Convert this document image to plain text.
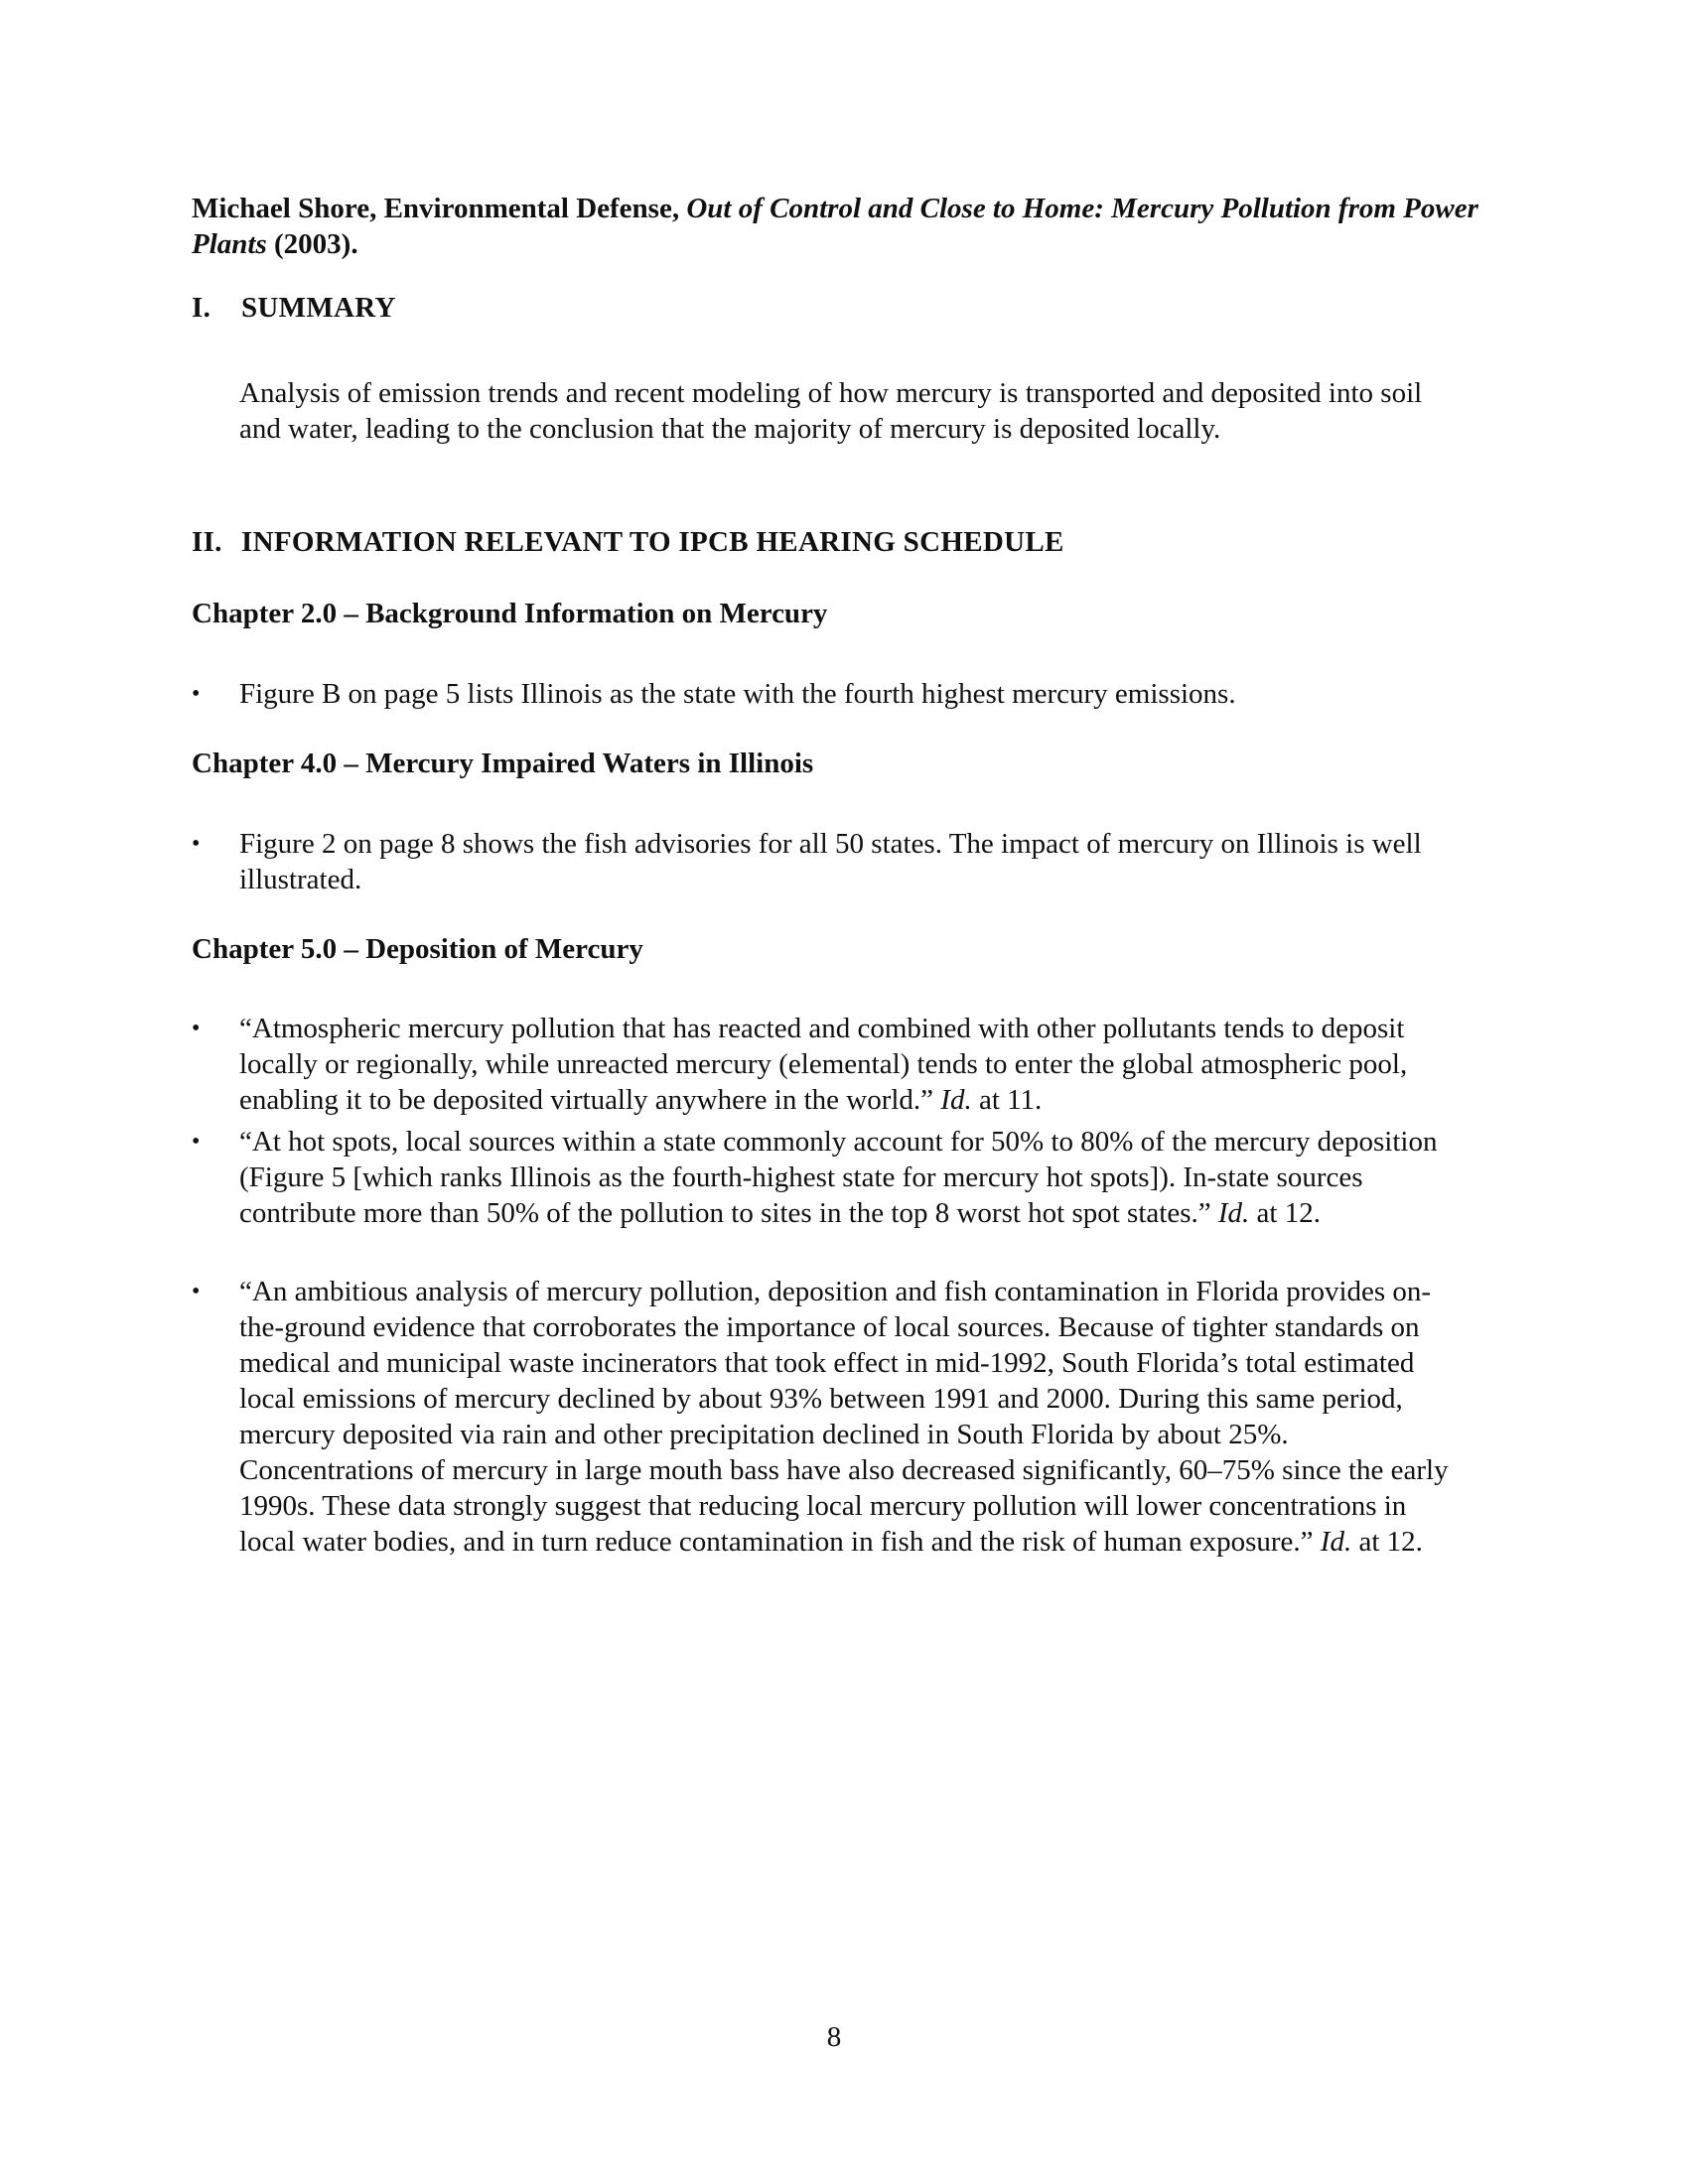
Michael Shore, Environmental Defense, Out of Control and Close to Home: Mercury Pollution from Power Plants (2003).
I. SUMMARY
Analysis of emission trends and recent modeling of how mercury is transported and deposited into soil and water, leading to the conclusion that the majority of mercury is deposited locally.
II. INFORMATION RELEVANT TO IPCB HEARING SCHEDULE
Chapter 2.0 – Background Information on Mercury
•	Figure B on page 5 lists Illinois as the state with the fourth highest mercury emissions.
Chapter 4.0 – Mercury Impaired Waters in Illinois
•	Figure 2 on page 8 shows the fish advisories for all 50 states. The impact of mercury on Illinois is well illustrated.
Chapter 5.0 – Deposition of Mercury
•	“Atmospheric mercury pollution that has reacted and combined with other pollutants tends to deposit locally or regionally, while unreacted mercury (elemental) tends to enter the global atmospheric pool, enabling it to be deposited virtually anywhere in the world.” Id. at 11.
•	“At hot spots, local sources within a state commonly account for 50% to 80% of the mercury deposition (Figure 5 [which ranks Illinois as the fourth-highest state for mercury hot spots]). In-state sources contribute more than 50% of the pollution to sites in the top 8 worst hot spot states.” Id. at 12.
•	“An ambitious analysis of mercury pollution, deposition and fish contamination in Florida provides on-the-ground evidence that corroborates the importance of local sources. Because of tighter standards on medical and municipal waste incinerators that took effect in mid-1992, South Florida’s total estimated local emissions of mercury declined by about 93% between 1991 and 2000. During this same period, mercury deposited via rain and other precipitation declined in South Florida by about 25%. Concentrations of mercury in large mouth bass have also decreased significantly, 60–75% since the early 1990s. These data strongly suggest that reducing local mercury pollution will lower concentrations in local water bodies, and in turn reduce contamination in fish and the risk of human exposure.” Id. at 12.
8
